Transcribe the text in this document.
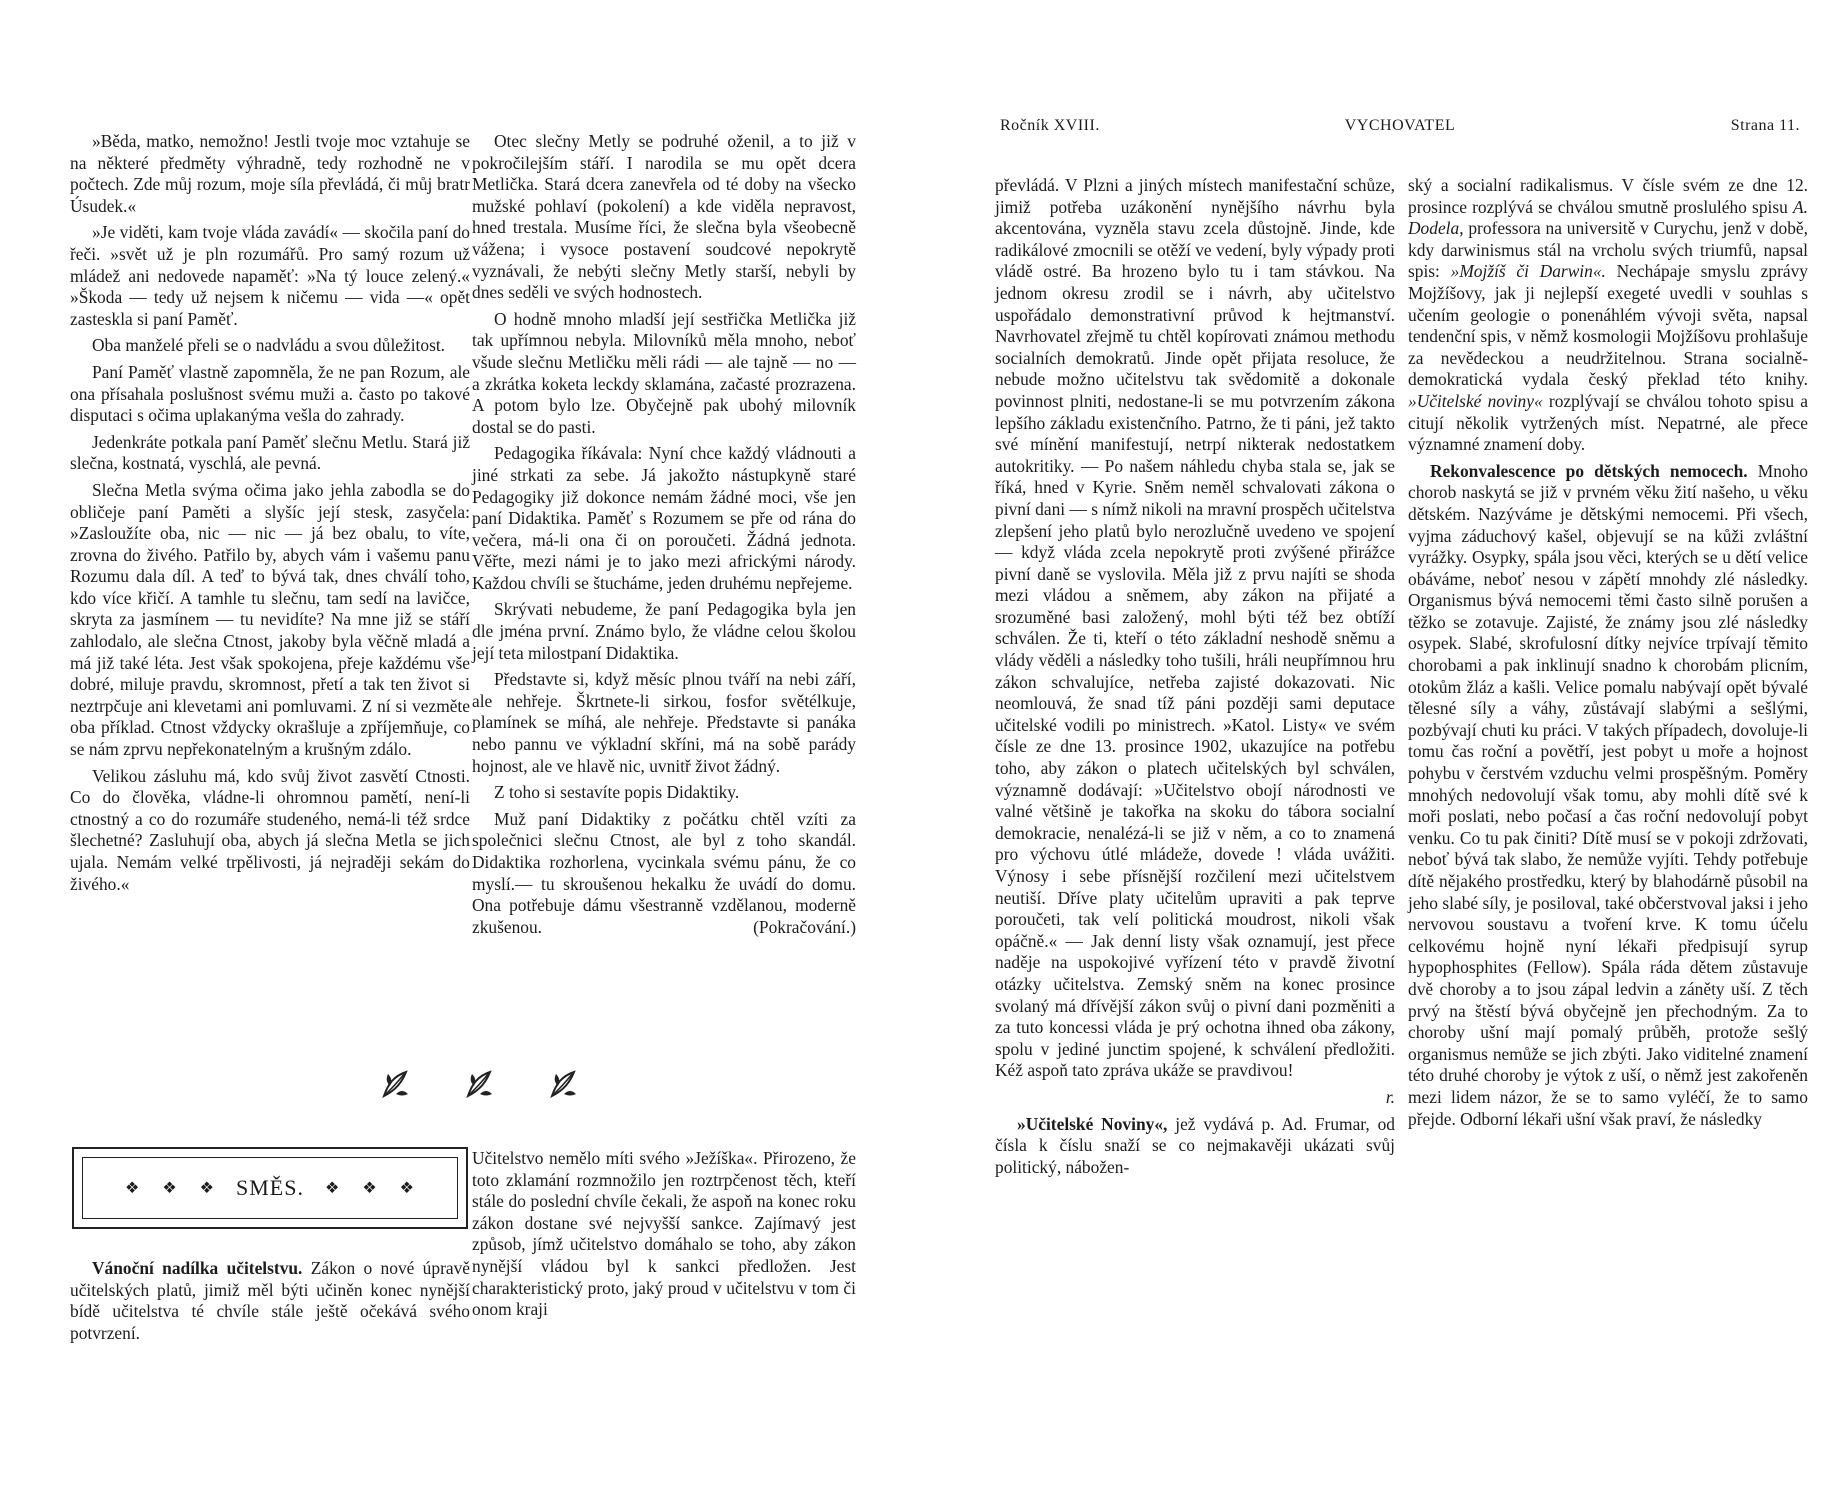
»Běda, matko, nemožno! Jestli tvoje moc vztahuje se na některé předměty výhradně, tedy rozhodně ne v počtech. Zde můj rozum, moje síla převládá, či můj bratr Úsudek.«

»Je viděti, kam tvoje vláda zavádí« — skočila paní do řeči. »svět už je pln rozumářů. Pro samý rozum už mládež ani nedovede napaměť: »Na tý louce zelený.« »Škoda — tedy už nejsem k ničemu — vida —« opět zasteskla si paní Paměť.

Oba manželé přeli se o nadvládu a svou důležitost.

Paní Paměť vlastně zapomněla, že ne pan Rozum, ale ona přísahala poslušnost svému muži a. často po takové disputaci s očima uplakanýma vešla do zahrady.

Jedenkráte potkala paní Paměť slečnu Metlu. Stará již slečna, kostnatá, vyschlá, ale pevná.

Slečna Metla svýma očima jako jehla zabodla se do obličeje paní Paměti a slyšíc její stesk, zasyčela: »Zasloužíte oba, nic — nic — já bez obalu, to víte, zrovna do živého. Patřilo by, abych vám i vašemu panu Rozumu dala díl. A teď to bývá tak, dnes chválí toho, kdo více křičí. A tamhle tu slečnu, tam sedí na lavičce, skryta za jasmínem — tu nevidíte? Na mne již se stáří zahlodalo, ale slečna Ctnost, jakoby byla věčně mladá a má již také léta. Jest však spokojena, přeje každému vše dobré, miluje pravdu, skromnost, přetí a tak ten život si neztrpčuje ani klevetami ani pomluvami. Z ní si vezměte oba příklad. Ctnost vždycky okrašluje a zpříjemňuje, co se nám zprvu nepřekonatelným a krušným zdálo.

Velikou zásluhu má, kdo svůj život zasvětí Ctnosti. Co do člověka, vládne-li ohromnou pamětí, není-li ctnostný a co do rozumáře studeného, nemá-li též srdce šlechetné? Zasluhují oba, abych já slečna Metla se jich ujala. Nemám velké trpělivosti, já nejraději sekám do živého.«

Otec slečny Metly se podruhé oženil, a to již v pokročilejším stáří. I narodila se mu opět dcera Metlička. Stará dcera zanevřela od té doby na všecko mužské pohlaví (pokolení) a kde viděla nepravost, hned trestala. Musíme říci, že slečna byla všeobecně vážena; i vysoce postavení soudcové nepokrytě vyznávali, že nebýti slečny Metly starší, nebyli by dnes seděli ve svých hodnostech.

O hodně mnoho mladší její sestřička Metlička již tak upřímnou nebyla. Milovníků měla mnoho, neboť všude slečnu Metličku měli rádi — ale tajně — no — a zkrátka koketa leckdy sklamána, začasté prozrazena. A potom bylo lze. Obyčejně pak ubohý milovník dostal se do pasti.

Pedagogika říkávala: Nyní chce každý vládnouti a jiné strkati za sebe. Já jakožto nástupkyně staré Pedagogiky již dokonce nemám žádné moci, vše jen paní Didaktika. Paměť s Rozumem se pře od rána do večera, má-li ona či on poroučeti. Žádná jednota. Věřte, mezi námi je to jako mezi africkými národy. Každou chvíli se štucháme, jeden druhému nepřejeme.

Skrývati nebudeme, že paní Pedagogika byla jen dle jména první. Známo bylo, že vládne celou školou její teta milostpaní Didaktika.

Představte si, když měsíc plnou tváří na nebi září, ale nehřeje. Škrtnete-li sirkou, fosfor světélkuje, plamínek se míhá, ale nehřeje. Představte si panáka nebo pannu ve výkladní skříni, má na sobě parády hojnost, ale ve hlavě nic, uvnitř život žádný.

Z toho si sestavíte popis Didaktiky.

Muž paní Didaktiky z počátku chtěl vzíti za společnici slečnu Ctnost, ale byl z toho skandál. Didaktika rozhorlena, vycinkala svému pánu, že co myslí.— tu skroušenou hekalku že uvádí do domu. Ona potřebuje dámu všestranně vzdělanou, moderně zkušenou.	(Pokračování.)

❖ ❖ ❖ SMĚS. ❖ ❖ ❖

Vánoční nadílka učitelstvu. Zákon o nové úpravě učitelských platů, jimiž měl býti učiněn konec nynější bídě učitelstva té chvíle stále ještě očekává svého potvrzení.

Učitelstvo nemělo míti svého »Ježíška«. Přirozeno, že toto zklamání rozmnožilo jen roztrpčenost těch, kteří stále do poslední chvíle čekali, že aspoň na konec roku zákon dostane své nejvyšší sankce. Zajímavý jest způsob, jímž učitelstvo domáhalo se toho, aby zákon nynější vládou byl k sankci předložen. Jest charakteristický proto, jaký proud v učitelstvu v tom či onom kraji

Ročník XVIII.	VYCHOVATEL	Strana 11.

převládá. V Plzni a jiných místech manifestační schůze, jimiž potřeba uzákonění nynějšího návrhu byla akcentována, vyzněla stavu zcela důstojně. Jinde, kde radikálové zmocnili se otěží ve vedení, byly výpady proti vládě ostré. Ba hrozeno bylo tu i tam stávkou. Na jednom okresu zrodil se i návrh, aby učitelstvo uspořádalo demonstrativní průvod k hejtmanství. Navrhovatel zřejmě tu chtěl kopírovati známou methodu socialních demokratů. Jinde opět přijata resoluce, že nebude možno učitelstvu tak svědomitě a dokonale povinnost plniti, nedostane-li se mu potvrzením zákona lepšího základu existenčního. Patrno, že ti páni, jež takto své mínění manifestují, netrpí nikterak nedostatkem autokritiky. — Po našem náhledu chyba stala se, jak se říká, hned v Kyrie. Sněm neměl schvalovati zákona o pivní dani — s nímž nikoli na mravní prospěch učitelstva zlepšení jeho platů bylo nerozlučně uvedeno ve spojení — když vláda zcela nepokrytě proti zvýšené přirážce pivní daně se vyslovila. Měla již z prvu najíti se shoda mezi vládou a sněmem, aby zákon na přijaté a srozuměné basi založený, mohl býti též bez obtíží schválen. Že ti, kteří o této základní neshodě sněmu a vlády věděli a následky toho tušili, hráli neupřímnou hru zákon schvalujíce, netřeba zajisté dokazovati. Nic neomlouvá, že snad tíž páni později sami deputace učitelské vodili po ministrech. »Katol. Listy« ve svém čísle ze dne 13. prosince 1902, ukazujíce na potřebu toho, aby zákon o platech učitelských byl schválen, významně dodávají: »Učitelstvo obojí národnosti ve valné většině je takořka na skoku do tábora socialní demokracie, nenalézá-li se již v něm, a co to znamená pro výchovu útlé mládeže, dovede ! vláda uvážiti. Výnosy i sebe přísnější rozčilení mezi učitelstvem neutiší. Dříve platy učitelům upraviti a pak teprve poroučeti, tak velí politická moudrost, nikoli však opáčně.« — Jak denní listy však oznamují, jest přece naděje na uspokojivé vyřízení této v pravdě životní otázky učitelstva. Zemský sněm na konec prosince svolaný má dřívější zákon svůj o pivní dani pozměniti a za tuto koncessi vláda je prý ochotna ihned oba zákony, spolu v jediné junctim spojené, k schválení předložiti. Kéž aspoň tato zpráva ukáže se pravdivou!

r.

»Učitelské Noviny«, jež vydává p. Ad. Frumar, od čísla k číslu snaží se co nejmakavěji ukázati svůj politický, nábožen-

ský a socialní radikalismus. V čísle svém ze dne 12. prosince rozplývá se chválou smutně proslulého spisu A. Dodela, professora na universitě v Curychu, jenž v době, kdy darwinismus stál na vrcholu svých triumfů, napsal spis: »Mojžíš či Darwin«. Nechápaje smyslu zprávy Mojžíšovy, jak ji nejlepší exegeté uvedli v souhlas s učením geologie o ponenáhlém vývoji světa, napsal tendenční spis, v němž kosmologii Mojžíšovu prohlašuje za nevědeckou a neudržitelnou. Strana socialně-demokratická vydala český překlad této knihy. »Učitelské noviny« rozplývají se chválou tohoto spisu a citují několik vytržených míst. Nepatrné, ale přece významné znamení doby.

Rekonvalescence po dětských nemocech. Mnoho chorob naskytá se již v prvném věku žití našeho, u věku dětském. Nazýváme je dětskými nemocemi. Při všech, vyjma záduchový kašel, objevují se na kůži zvláštní vyrážky. Osypky, spála jsou věci, kterých se u dětí velice obáváme, neboť nesou v zápětí mnohdy zlé následky. Organismus bývá nemocemi těmi často silně porušen a těžko se zotavuje. Zajisté, že známy jsou zlé následky osypek. Slabé, skrofulosní dítky nejvíce trpívají těmito chorobami a pak inklinují snadno k chorobám plicním, otokům žláz a kašli. Velice pomalu nabývají opět bývalé tělesné síly a váhy, zůstávají slabými a sešlými, pozbývají chuti ku práci. V takých případech, dovoluje-li tomu čas roční a povětří, jest pobyt u moře a hojnost pohybu v čerstvém vzduchu velmi prospěšným. Poměry mnohých nedovolují však tomu, aby mohli dítě své k moři poslati, nebo počasí a čas roční nedovolují pobyt venku. Co tu pak činiti? Dítě musí se v pokoji zdržovati, neboť bývá tak slabo, že nemůže vyjíti. Tehdy potřebuje dítě nějakého prostředku, který by blahodárně působil na jeho slabé síly, je posiloval, také občerstvoval jaksi i jeho nervovou soustavu a tvoření krve. K tomu účelu celkovému hojně nyní lékaři předpisují syrup hypophosphites (Fellow). Spála ráda dětem zůstavuje dvě choroby a to jsou zápal ledvin a záněty uší. Z těch prvý na štěstí bývá obyčejně jen přechodným. Za to choroby ušní mají pomalý průběh, protože sešlý organismus nemůže se jich zbýti. Jako viditelné znamení této druhé choroby je výtok z uší, o němž jest zakořeněn mezi lidem názor, že se to samo vyléčí, že to samo přejde. Odborní lékaři ušní však praví, že následky
